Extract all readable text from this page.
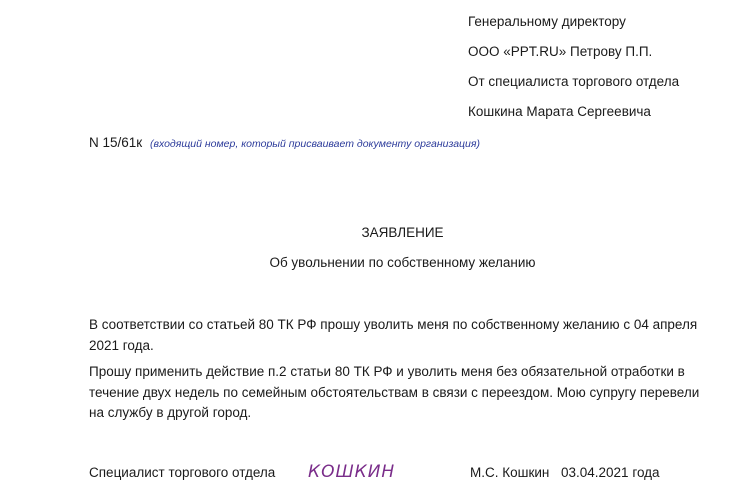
Генеральному директору
ООО «PPT.RU» Петрову П.П.
От специалиста торгового отдела
Кошкина Марата Сергеевича
N 15/61к (входящий номер, который присваивает документу организация)
ЗАЯВЛЕНИЕ
Об увольнении по собственному желанию
В соответствии со статьей 80 ТК РФ прошу уволить меня по собственному желанию с 04 апреля 2021 года.
Прошу применить действие п.2 статьи 80 ТК РФ и уволить меня без обязательной отработки в течение двух недель по семейным обстоятельствам в связи с переездом. Мою супругу перевели на службу в другой город.
Специалист торгового отдела КОШКИН	М.С. Кошкин 03.04.2021 года
